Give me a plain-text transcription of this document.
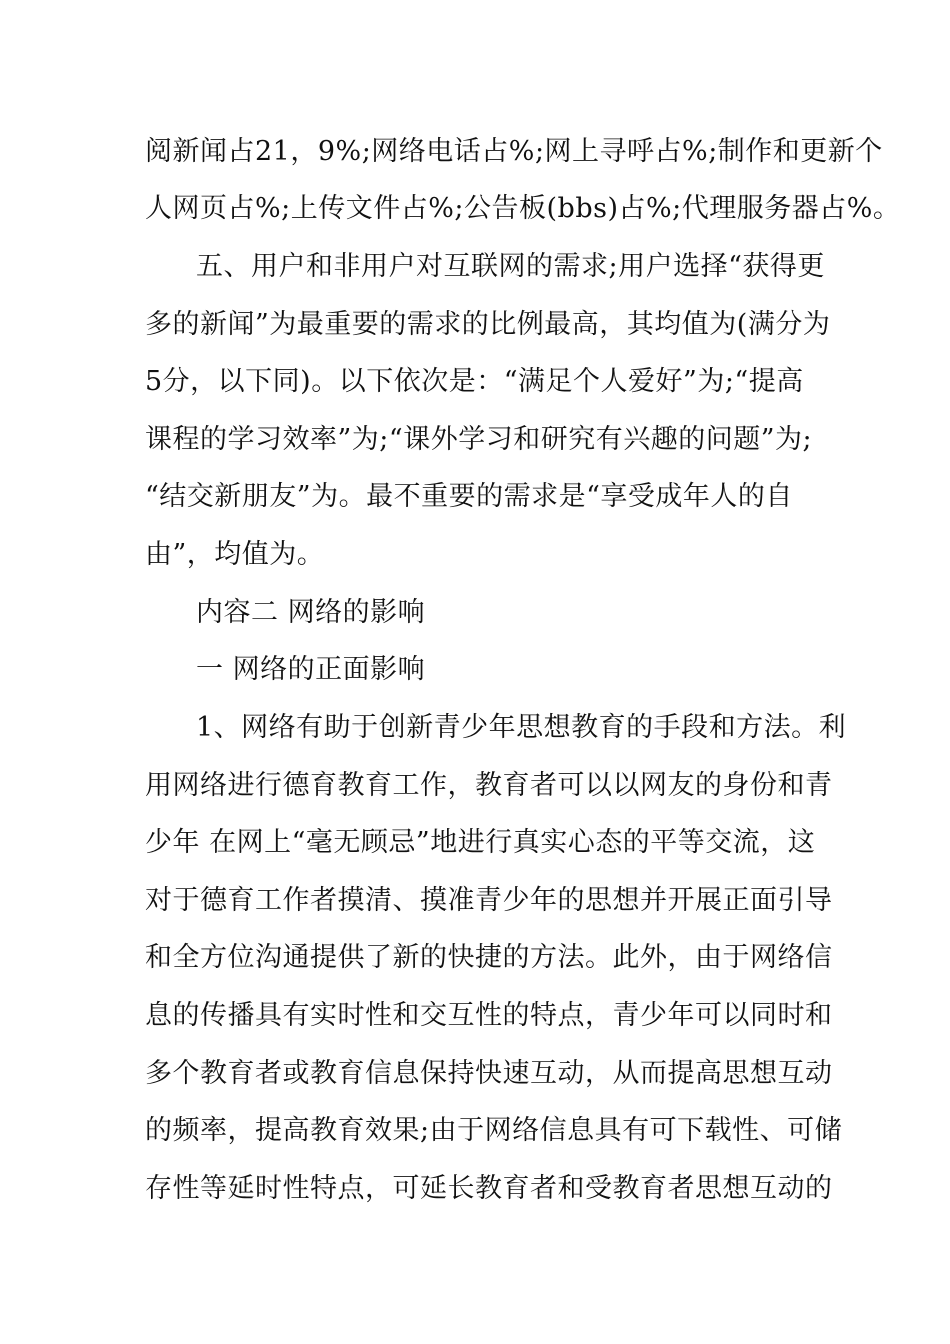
阅新闻占21，9%;网络电话占%;网上寻呼占%;制作和更新个
人网页占%;上传文件占%;公告板(bbs)占%;代理服务器占%。
五、用户和非用户对互联网的需求;用户选择“获得更
多的新闻”为最重要的需求的比例最高，其均值为(满分为
5分，以下同)。以下依次是：“满足个人爱好”为;“提高
课程的学习效率”为;“课外学习和研究有兴趣的问题”为;
“结交新朋友”为。最不重要的需求是“享受成年人的自
由”，均值为。
内容二 网络的影响
一 网络的正面影响
1、网络有助于创新青少年思想教育的手段和方法。利
用网络进行德育教育工作，教育者可以以网友的身份和青
少年 在网上“毫无顾忌”地进行真实心态的平等交流，这
对于德育工作者摸清、摸准青少年的思想并开展正面引导
和全方位沟通提供了新的快捷的方法。此外，由于网络信
息的传播具有实时性和交互性的特点，青少年可以同时和
多个教育者或教育信息保持快速互动，从而提高思想互动
的频率，提高教育效果;由于网络信息具有可下载性、可储
存性等延时性特点，可延长教育者和受教育者思想互动的
